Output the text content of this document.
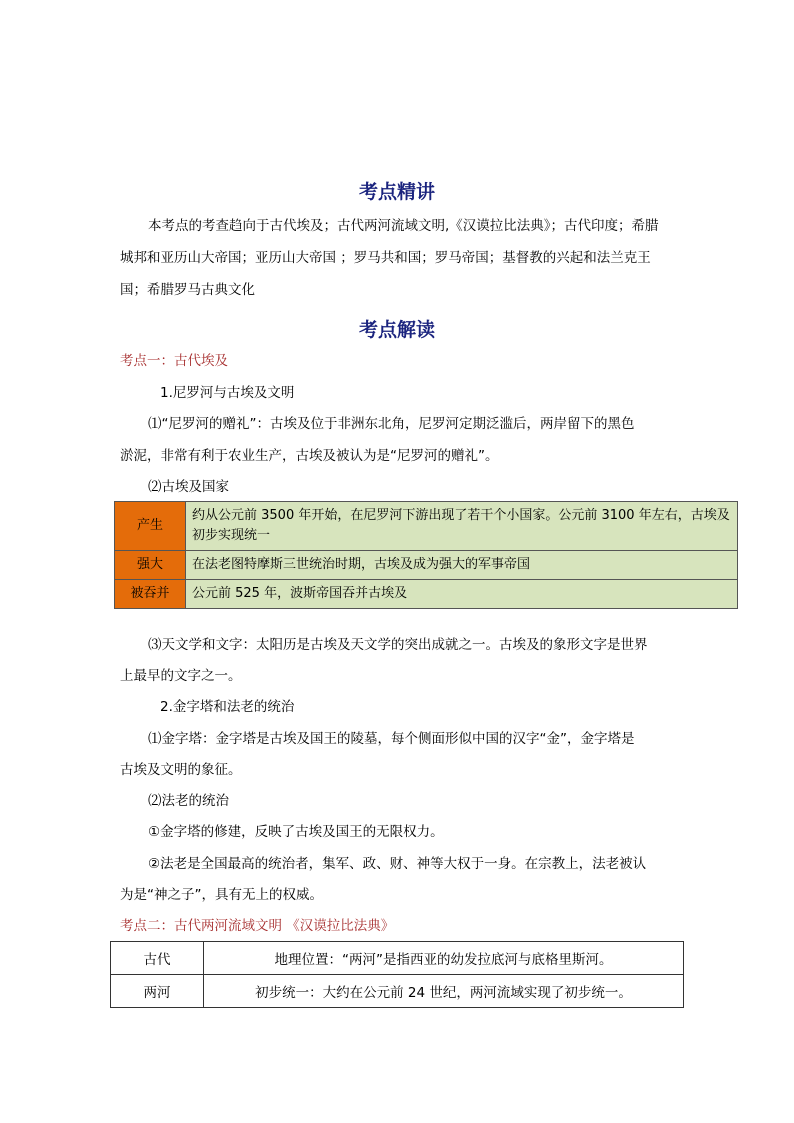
考点精讲
本考点的考查趋向于古代埃及；古代两河流域文明,《汉谟拉比法典》；古代印度；希腊
城邦和亚历山大帝国；亚历山大帝国 ；罗马共和国；罗马帝国；基督教的兴起和法兰克王
国；希腊罗马古典文化
考点解读
考点一：古代埃及
1.尼罗河与古埃及文明
⑴“尼罗河的赠礼”：古埃及位于非洲东北角，尼罗河定期泛滥后，两岸留下的黑色
淤泥，非常有利于农业生产，古埃及被认为是“尼罗河的赠礼”。
⑵古埃及国家
产生	约从公元前 3500 年开始，在尼罗河下游出现了若干个小国家。公元前 3100 年左右，古埃及初步实现统一
强大	在法老图特摩斯三世统治时期，古埃及成为强大的军事帝国
被吞并	公元前 525 年，波斯帝国吞并古埃及
⑶天文学和文字：太阳历是古埃及天文学的突出成就之一。古埃及的象形文字是世界
上最早的文字之一。
2.金字塔和法老的统治
⑴金字塔：金字塔是古埃及国王的陵墓，每个侧面形似中国的汉字“金”，金字塔是
古埃及文明的象征。
⑵法老的统治
①金字塔的修建，反映了古埃及国王的无限权力。
②法老是全国最高的统治者，集军、政、财、神等大权于一身。在宗教上，法老被认
为是“神之子”，具有无上的权威。
考点二：古代两河流域文明 《汉谟拉比法典》
古代	地理位置：“两河”是指西亚的幼发拉底河与底格里斯河。
两河	初步统一：大约在公元前 24 世纪，两河流域实现了初步统一。
